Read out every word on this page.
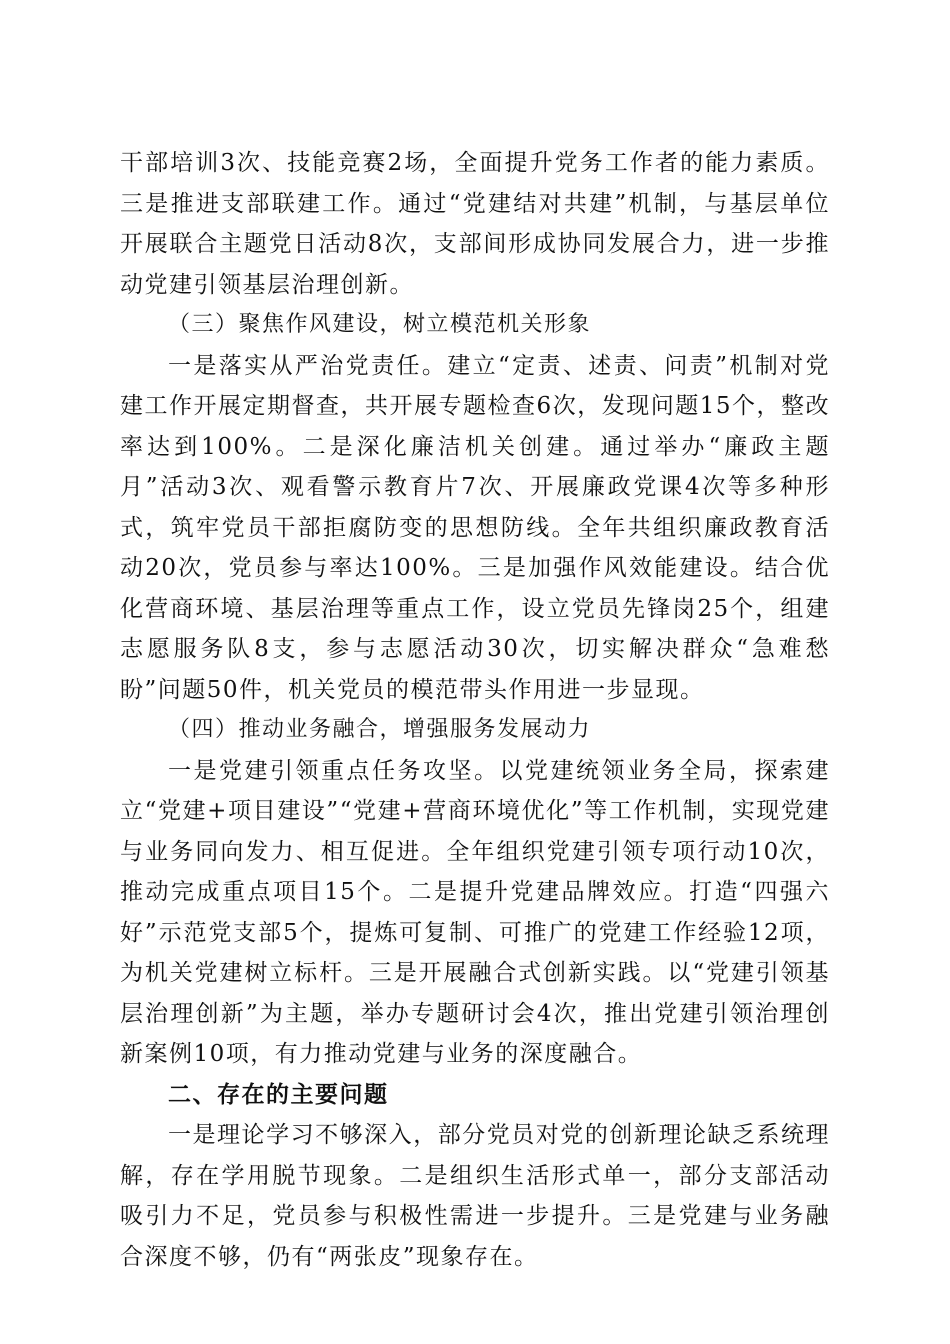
干部培训3次、技能竞赛2场，全面提升党务工作者的能力素质。三是推进支部联建工作。通过“党建结对共建”机制，与基层单位开展联合主题党日活动8次，支部间形成协同发展合力，进一步推动党建引领基层治理创新。

（三）聚焦作风建设，树立模范机关形象

一是落实从严治党责任。建立“定责、述责、问责”机制对党建工作开展定期督查，共开展专题检查6次，发现问题15个，整改率达到100%。二是深化廉洁机关创建。通过举办“廉政主题月”活动3次、观看警示教育片7次、开展廉政党课4次等多种形式，筑牢党员干部拒腐防变的思想防线。全年共组织廉政教育活动20次，党员参与率达100%。三是加强作风效能建设。结合优化营商环境、基层治理等重点工作，设立党员先锋岗25个，组建志愿服务队8支，参与志愿活动30次，切实解决群众“急难愁盼”问题50件，机关党员的模范带头作用进一步显现。

（四）推动业务融合，增强服务发展动力

一是党建引领重点任务攻坚。以党建统领业务全局，探索建立“党建+项目建设”“党建+营商环境优化”等工作机制，实现党建与业务同向发力、相互促进。全年组织党建引领专项行动10次，推动完成重点项目15个。二是提升党建品牌效应。打造“四强六好”示范党支部5个，提炼可复制、可推广的党建工作经验12项，为机关党建树立标杆。三是开展融合式创新实践。以“党建引领基层治理创新”为主题，举办专题研讨会4次，推出党建引领治理创新案例10项，有力推动党建与业务的深度融合。

二、存在的主要问题

一是理论学习不够深入，部分党员对党的创新理论缺乏系统理解，存在学用脱节现象。二是组织生活形式单一，部分支部活动吸引力不足，党员参与积极性需进一步提升。三是党建与业务融合深度不够，仍有“两张皮”现象存在。
